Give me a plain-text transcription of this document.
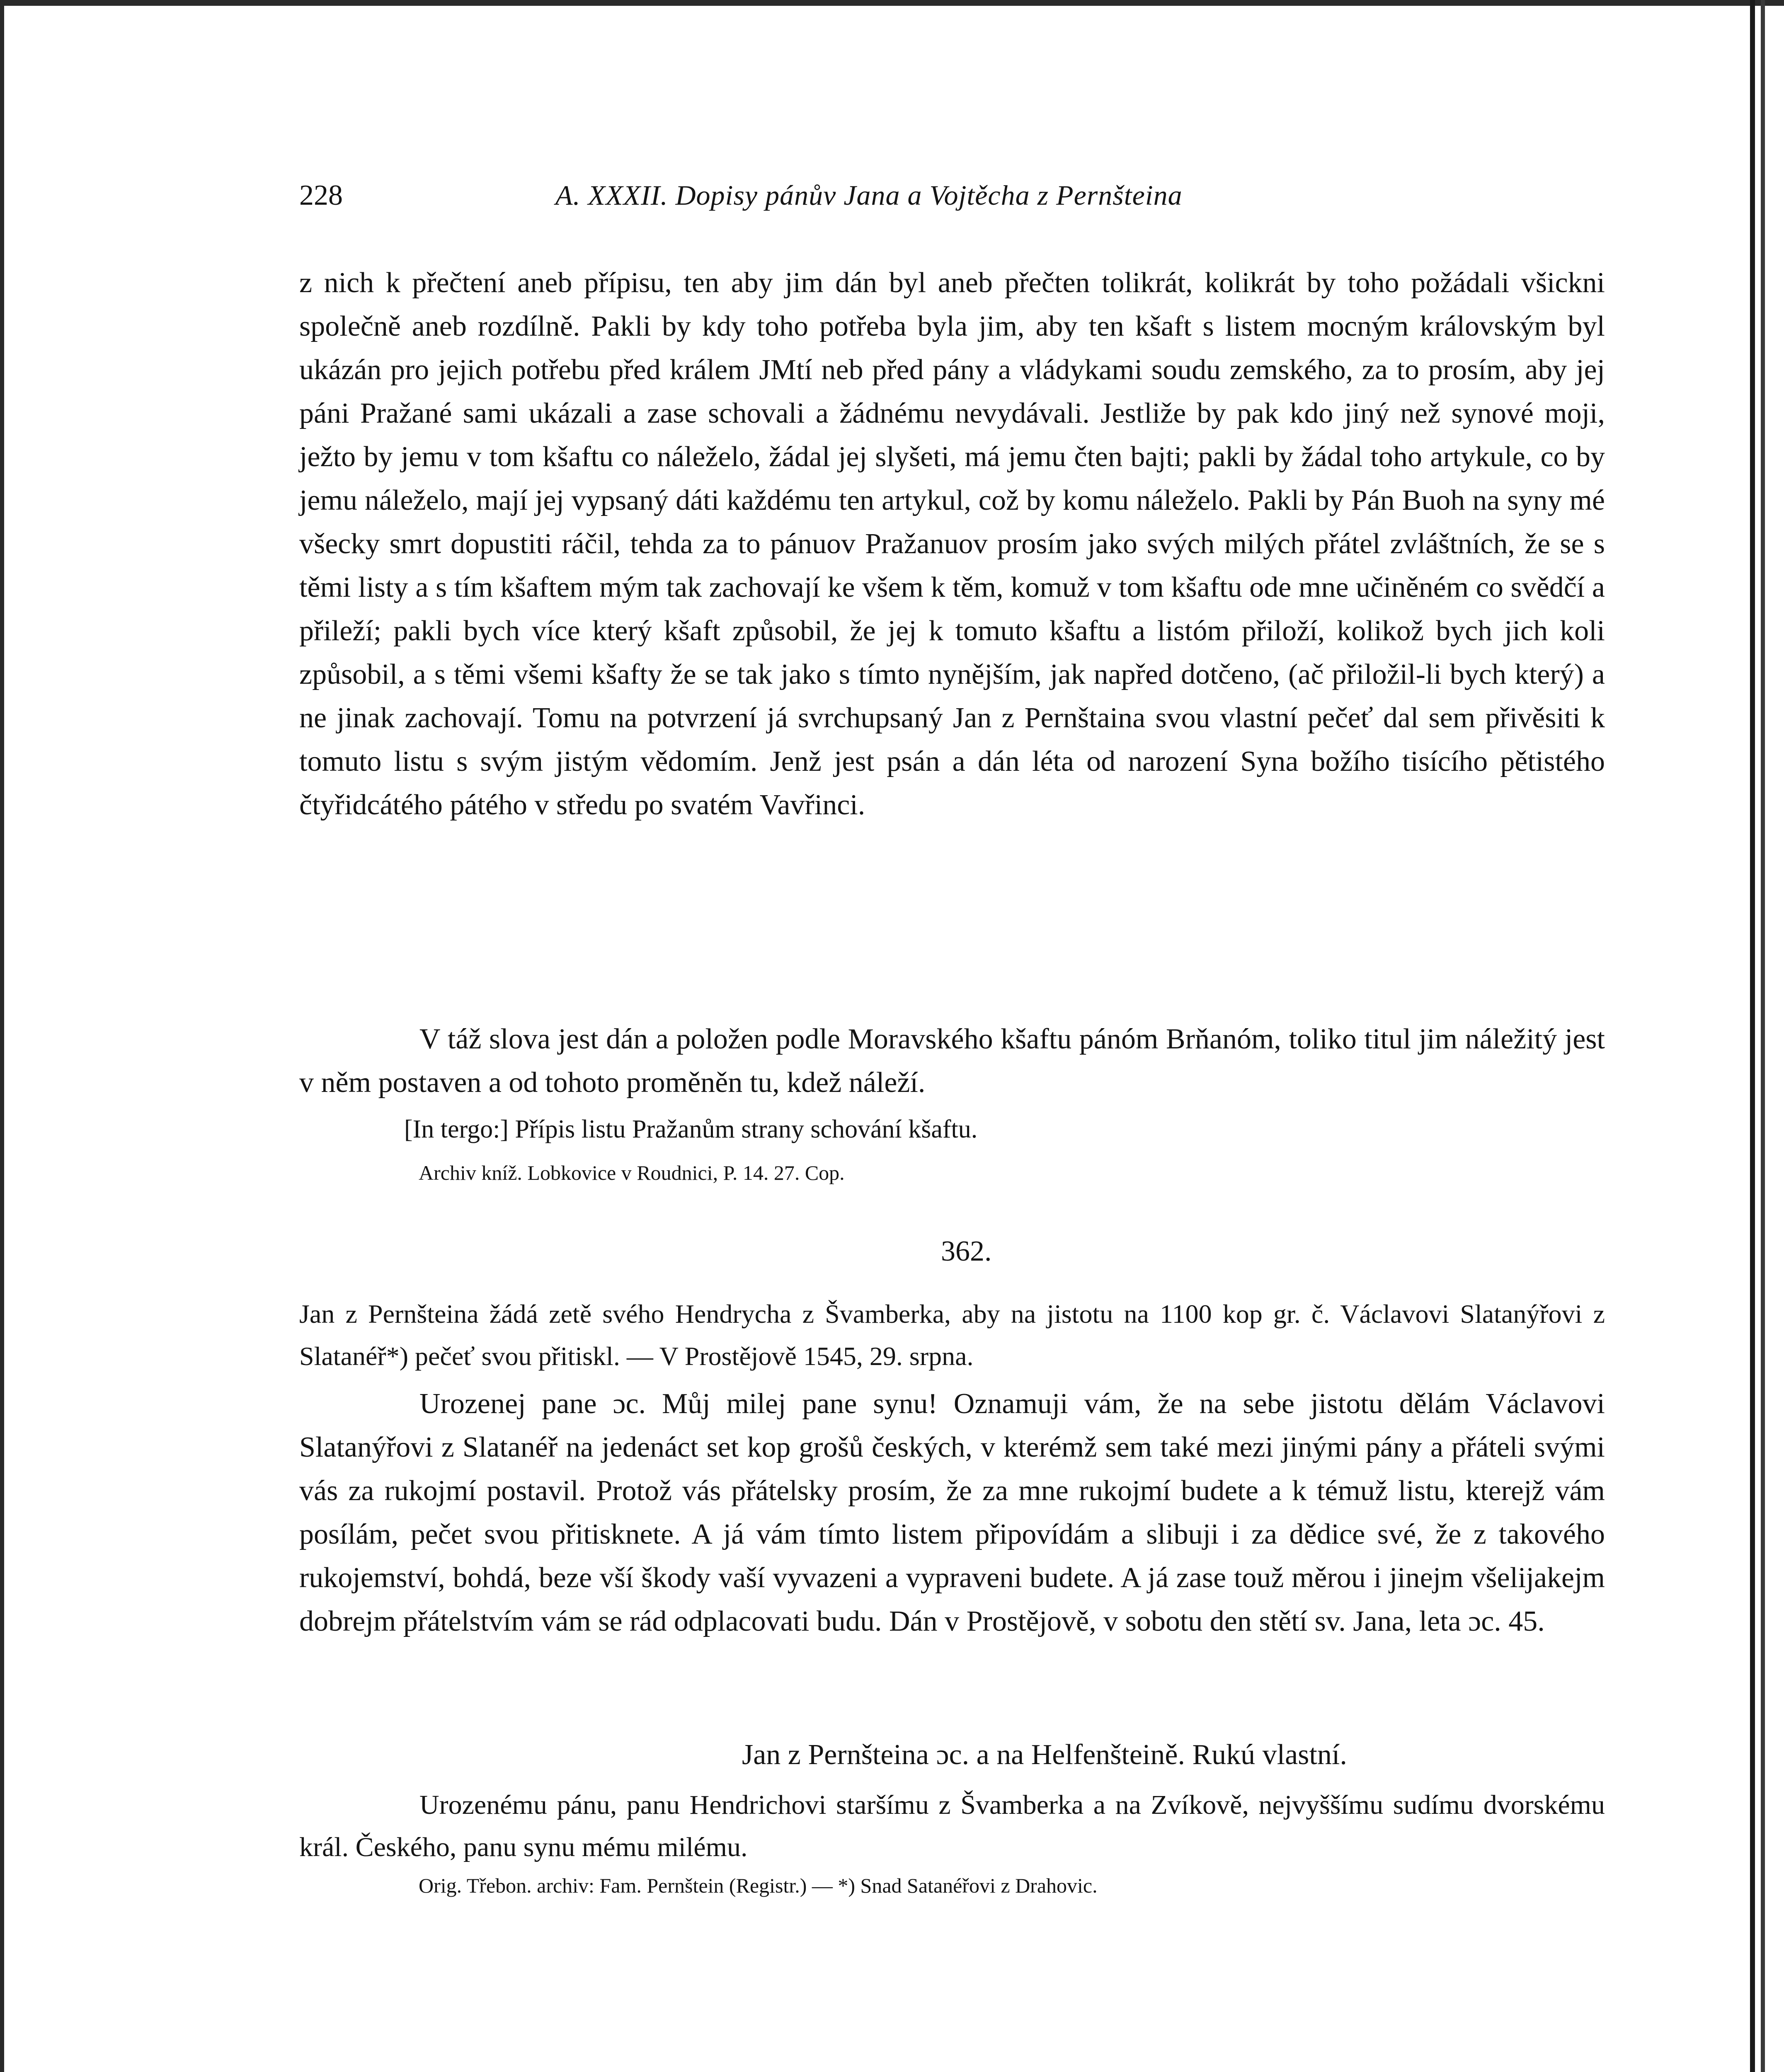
228	A. XXXII. Dopisy pánův Jana a Vojtěcha z Pernšteina

z nich k přečtení aneb přípisu, ten aby jim dán byl aneb přečten tolikrát, kolikrát by toho požádali všickni společně aneb rozdílně. Pakli by kdy toho potřeba byla jim, aby ten kšaft s listem mocným královským byl ukázán pro jejich potřebu před králem JMtí neb před pány a vládykami soudu zemského, za to prosím, aby jej páni Pražané sami ukázali a zase schovali a žádnému nevydávali. Jestliže by pak kdo jiný než synové moji, ježto by jemu v tom kšaftu co náleželo, žádal jej slyšeti, má jemu čten bajti; pakli by žádal toho artykule, co by jemu náleželo, mají jej vypsaný dáti každému ten artykul, což by komu náleželo. Pakli by Pán Buoh na syny mé všecky smrt dopustiti ráčil, tehda za to pánuov Pražanuov prosím jako svých milých přátel zvláštních, že se s těmi listy a s tím kšaftem mým tak zachovají ke všem k těm, komuž v tom kšaftu ode mne učiněném co svědčí a přileží; pakli bych více který kšaft způsobil, že jej k tomuto kšaftu a listóm přiloží, kolikož bych jich koli způsobil, a s těmi všemi kšafty že se tak jako s tímto nynějším, jak napřed dotčeno, (ač přiložil-li bych který) a ne jinak zachovají. Tomu na potvrzení já svrchupsaný Jan z Pernštaina svou vlastní pečeť dal sem přivěsiti k tomuto listu s svým jistým vědomím. Jenž jest psán a dán léta od narození Syna božího tisícího pětistého čtyřidcátého pátého v středu po svatém Vavřinci.

V táž slova jest dán a položen podle Moravského kšaftu pánóm Brňanóm, toliko titul jim náležitý jest v něm postaven a od tohoto proměněn tu, kdež náleží.

[In tergo:] Přípis listu Pražanům strany schování kšaftu.
Archiv kníž. Lobkovice v Roudnici, P. 14. 27. Cop.
362.
Jan z Pernšteina žádá zetě svého Hendrycha z Švamberka, aby na jistotu na 1100 kop gr. č. Václavovi Slatanýřovi z Slatanéř*) pečeť svou přitiskl. — V Prostějově 1545, 29. srpna.

Urozenej pane ɔc. Můj milej pane synu! Oznamuji vám, že na sebe jistotu dělám Václavovi Slatanýřovi z Slatanéř na jedenáct set kop grošů českých, v kterémž sem také mezi jinými pány a přáteli svými vás za rukojmí postavil. Protož vás přátelsky prosím, že za mne rukojmí budete a k témuž listu, kterejž vám posílám, pečet svou přitisknete. A já vám tímto listem připovídám a slibuji i za dědice své, že z takového rukojemství, bohdá, beze vší škody vaší vyvazeni a vypraveni budete. A já zase touž měrou i jinejm všelijakejm dobrejm přátelstvím vám se rád odplacovati budu. Dán v Prostějově, v sobotu den stětí sv. Jana, leta ɔc. 45.

Jan z Pernšteina ɔc. a na Helfenšteině. Rukú vlastní.
Urozenému pánu, panu Hendrichovi staršímu z Švamberka a na Zvíkově, nejvyššímu sudímu dvorskému král. Českého, panu synu mému milému.
Orig. Třebon. archiv: Fam. Pernštein (Registr.) — *) Snad Satanéřovi z Drahovic.
